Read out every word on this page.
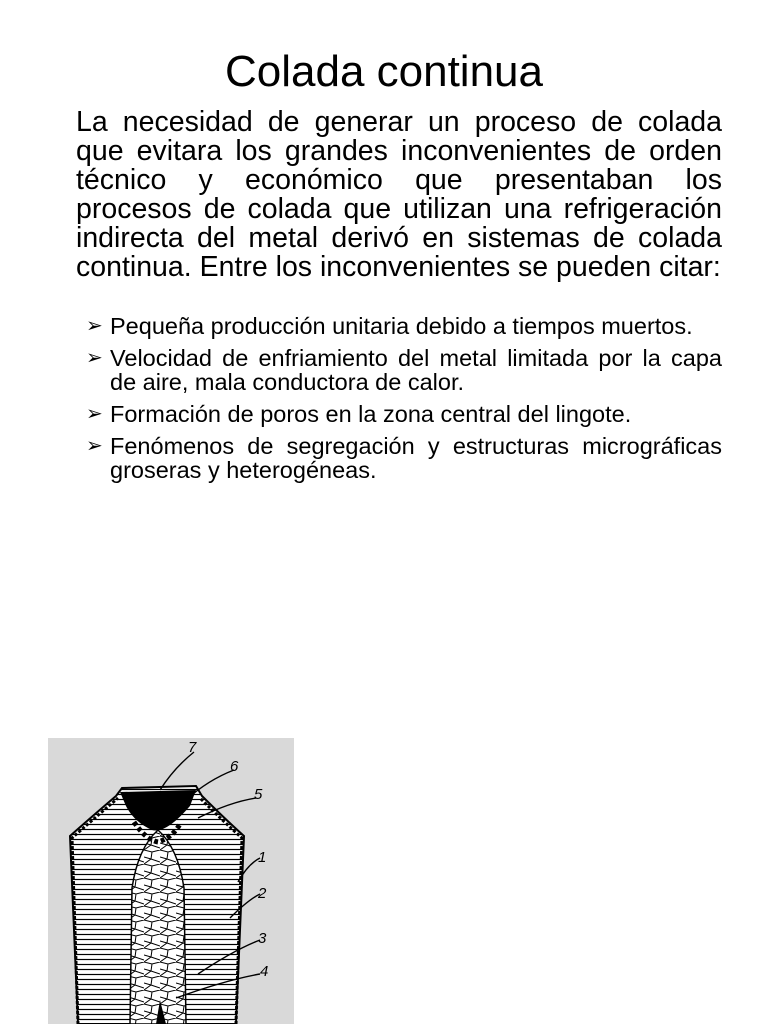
Colada continua

La necesidad de generar un proceso de colada que evitara los grandes inconvenientes de orden técnico y económico que presentaban los procesos de colada que utilizan una refrigeración indirecta del metal derivó en sistemas de colada continua. Entre los inconvenientes se pueden citar:

➢ Pequeña producción unitaria debido a tiempos muertos.
➢ Velocidad de enfriamiento del metal limitada por la capa de aire, mala conductora de calor.
➢ Formación de poros en la zona central del lingote.
➢ Fenómenos de segregación y estructuras micrográficas groseras y heterogéneas.
7
6
5
1
2
3
4
